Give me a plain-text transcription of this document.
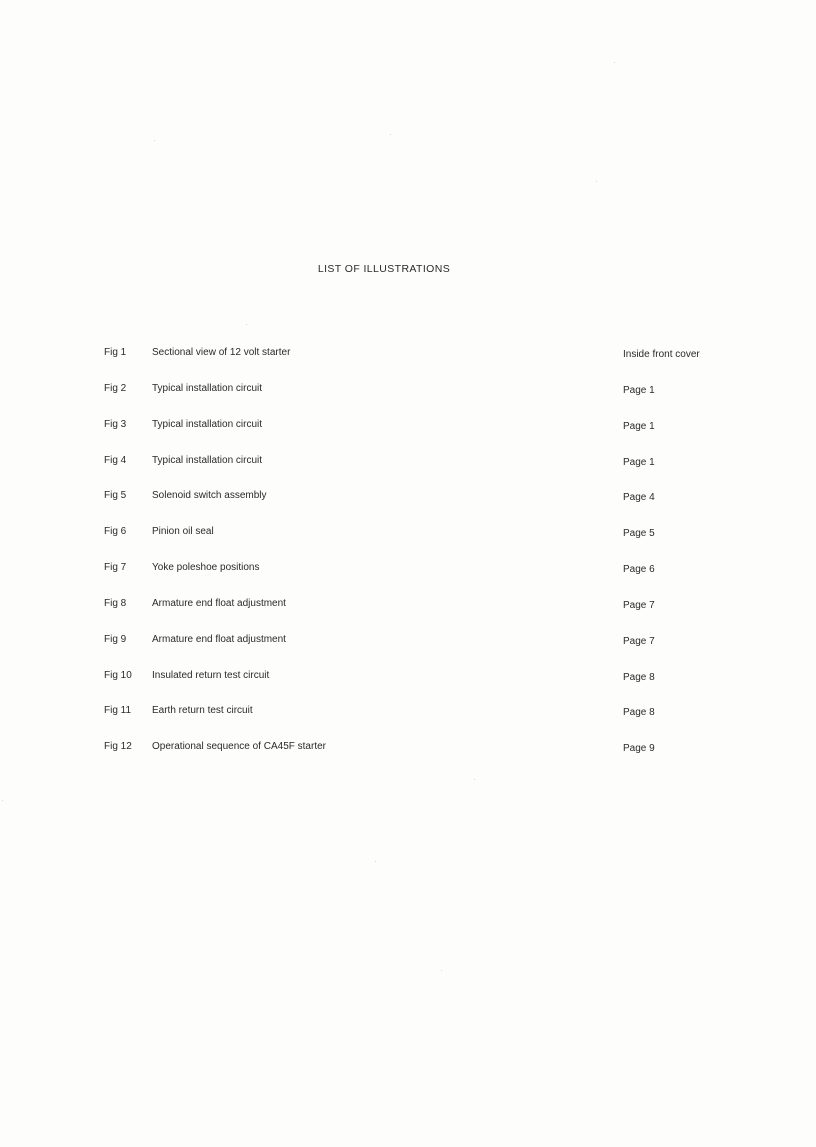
LIST OF ILLUSTRATIONS
Fig 1	Sectional view of 12 volt starter	Inside front cover
Fig 2	Typical installation circuit	Page 1
Fig 3	Typical installation circuit	Page 1
Fig 4	Typical installation circuit	Page 1
Fig 5	Solenoid switch assembly	Page 4
Fig 6	Pinion oil seal	Page 5
Fig 7	Yoke poleshoe positions	Page 6
Fig 8	Armature end float adjustment	Page 7
Fig 9	Armature end float adjustment	Page 7
Fig 10 Insulated return test circuit	Page 8
Fig 11 Earth return test circuit	Page 8
Fig 12 Operational sequence of CA45F starter	Page 9
